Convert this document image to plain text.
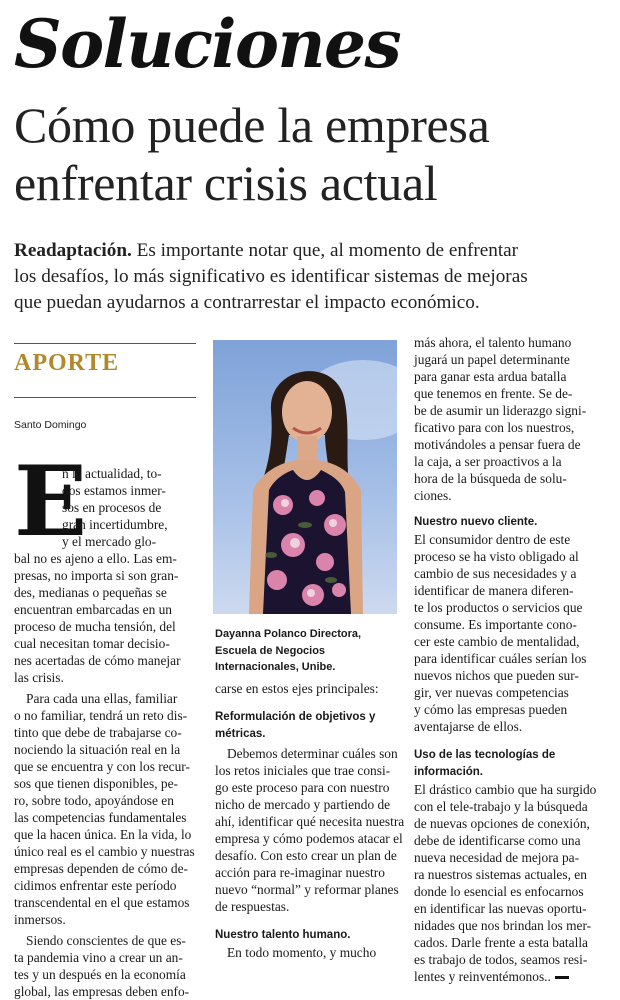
Soluciones
Cómo puede la empresa
enfrentar crisis actual
Readaptación. Es importante notar que, al momento de enfrentar
los desafíos, lo más significativo es identificar sistemas de mejoras
que puedan ayudarnos a contrarrestar el impacto económico.
APORTE
Santo Domingo
E
n la actualidad, to-
dos estamos inmer-
sos en procesos de
gran incertidumbre,
y el mercado glo-
bal no es ajeno a ello. Las em-
presas, no importa si son gran-
des, medianas o pequeñas se
encuentran embarcadas en un
proceso de mucha tensión, del
cual necesitan tomar decisio-
nes acertadas de cómo manejar
las crisis.
Para cada una ellas, familiar
o no familiar, tendrá un reto dis-
tinto que debe de trabajarse co-
nociendo la situación real en la
que se encuentra y con los recur-
sos que tienen disponibles, pe-
ro, sobre todo, apoyándose en
las competencias fundamentales
que la hacen única. En la vida, lo
único real es el cambio y nuestras
empresas dependen de cómo de-
cidimos enfrentar este período
transcendental en el que estamos
inmersos.
Siendo conscientes de que es-
ta pandemia vino a crear un an-
tes y un después en la economía
global, las empresas deben enfo-
Dayanna Polanco Directora,
Escuela de Negocios
Internacionales, Unibe.
carse en estos ejes principales:
Reformulación de objetivos y
métricas.
Debemos determinar cuáles son
los retos iniciales que trae consi-
go este proceso para con nuestro
nicho de mercado y partiendo de
ahí, identificar qué necesita nuestra
empresa y cómo podemos atacar el
desafío. Con esto crear un plan de
acción para re-imaginar nuestro
nuevo “normal” y reformar planes
de respuestas.
Nuestro talento humano.
En todo momento, y mucho
más ahora, el talento humano
jugará un papel determinante
para ganar esta ardua batalla
que tenemos en frente. Se de-
be de asumir un liderazgo signi-
ficativo para con los nuestros,
motivándoles a pensar fuera de
la caja, a ser proactivos a la
hora de la búsqueda de solu-
ciones.
Nuestro nuevo cliente.
El consumidor dentro de este
proceso se ha visto obligado al
cambio de sus necesidades y a
identificar de manera diferen-
te los productos o servicios que
consume. Es importante cono-
cer este cambio de mentalidad,
para identificar cuáles serían los
nuevos nichos que pueden sur-
gir, ver nuevas competencias
y cómo las empresas pueden
aventajarse de ellos.
Uso de las tecnologías de
información.
El drástico cambio que ha surgido
con el tele-trabajo y la búsqueda
de nuevas opciones de conexión,
debe de identificarse como una
nueva necesidad de mejora pa-
ra nuestros sistemas actuales, en
donde lo esencial es enfocarnos
en identificar las nuevas oportu-
nidades que nos brindan los mer-
cados. Darle frente a esta batalla
es trabajo de todos, seamos resi-
lentes y reinventémonos..
